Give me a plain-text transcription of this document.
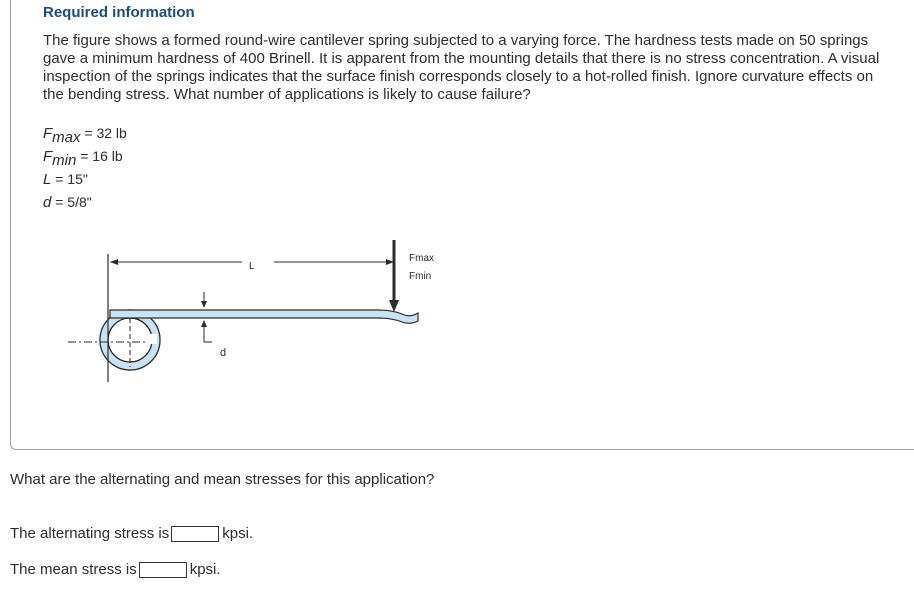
Required information

The figure shows a formed round-wire cantilever spring subjected to a varying force. The hardness tests made on 50 springs gave a minimum hardness of 400 Brinell. It is apparent from the mounting details that there is no stress concentration. A visual inspection of the springs indicates that the surface finish corresponds closely to a hot-rolled finish. Ignore curvature effects on the bending stress. What number of applications is likely to cause failure?

Fmax = 32 lb
Fmin = 16 lb
L = 15"
d = 5/8"
L
d
Fmax
Fmin
What are the alternating and mean stresses for this application?
The alternating stress is	kpsi.
The mean stress is	kpsi.
